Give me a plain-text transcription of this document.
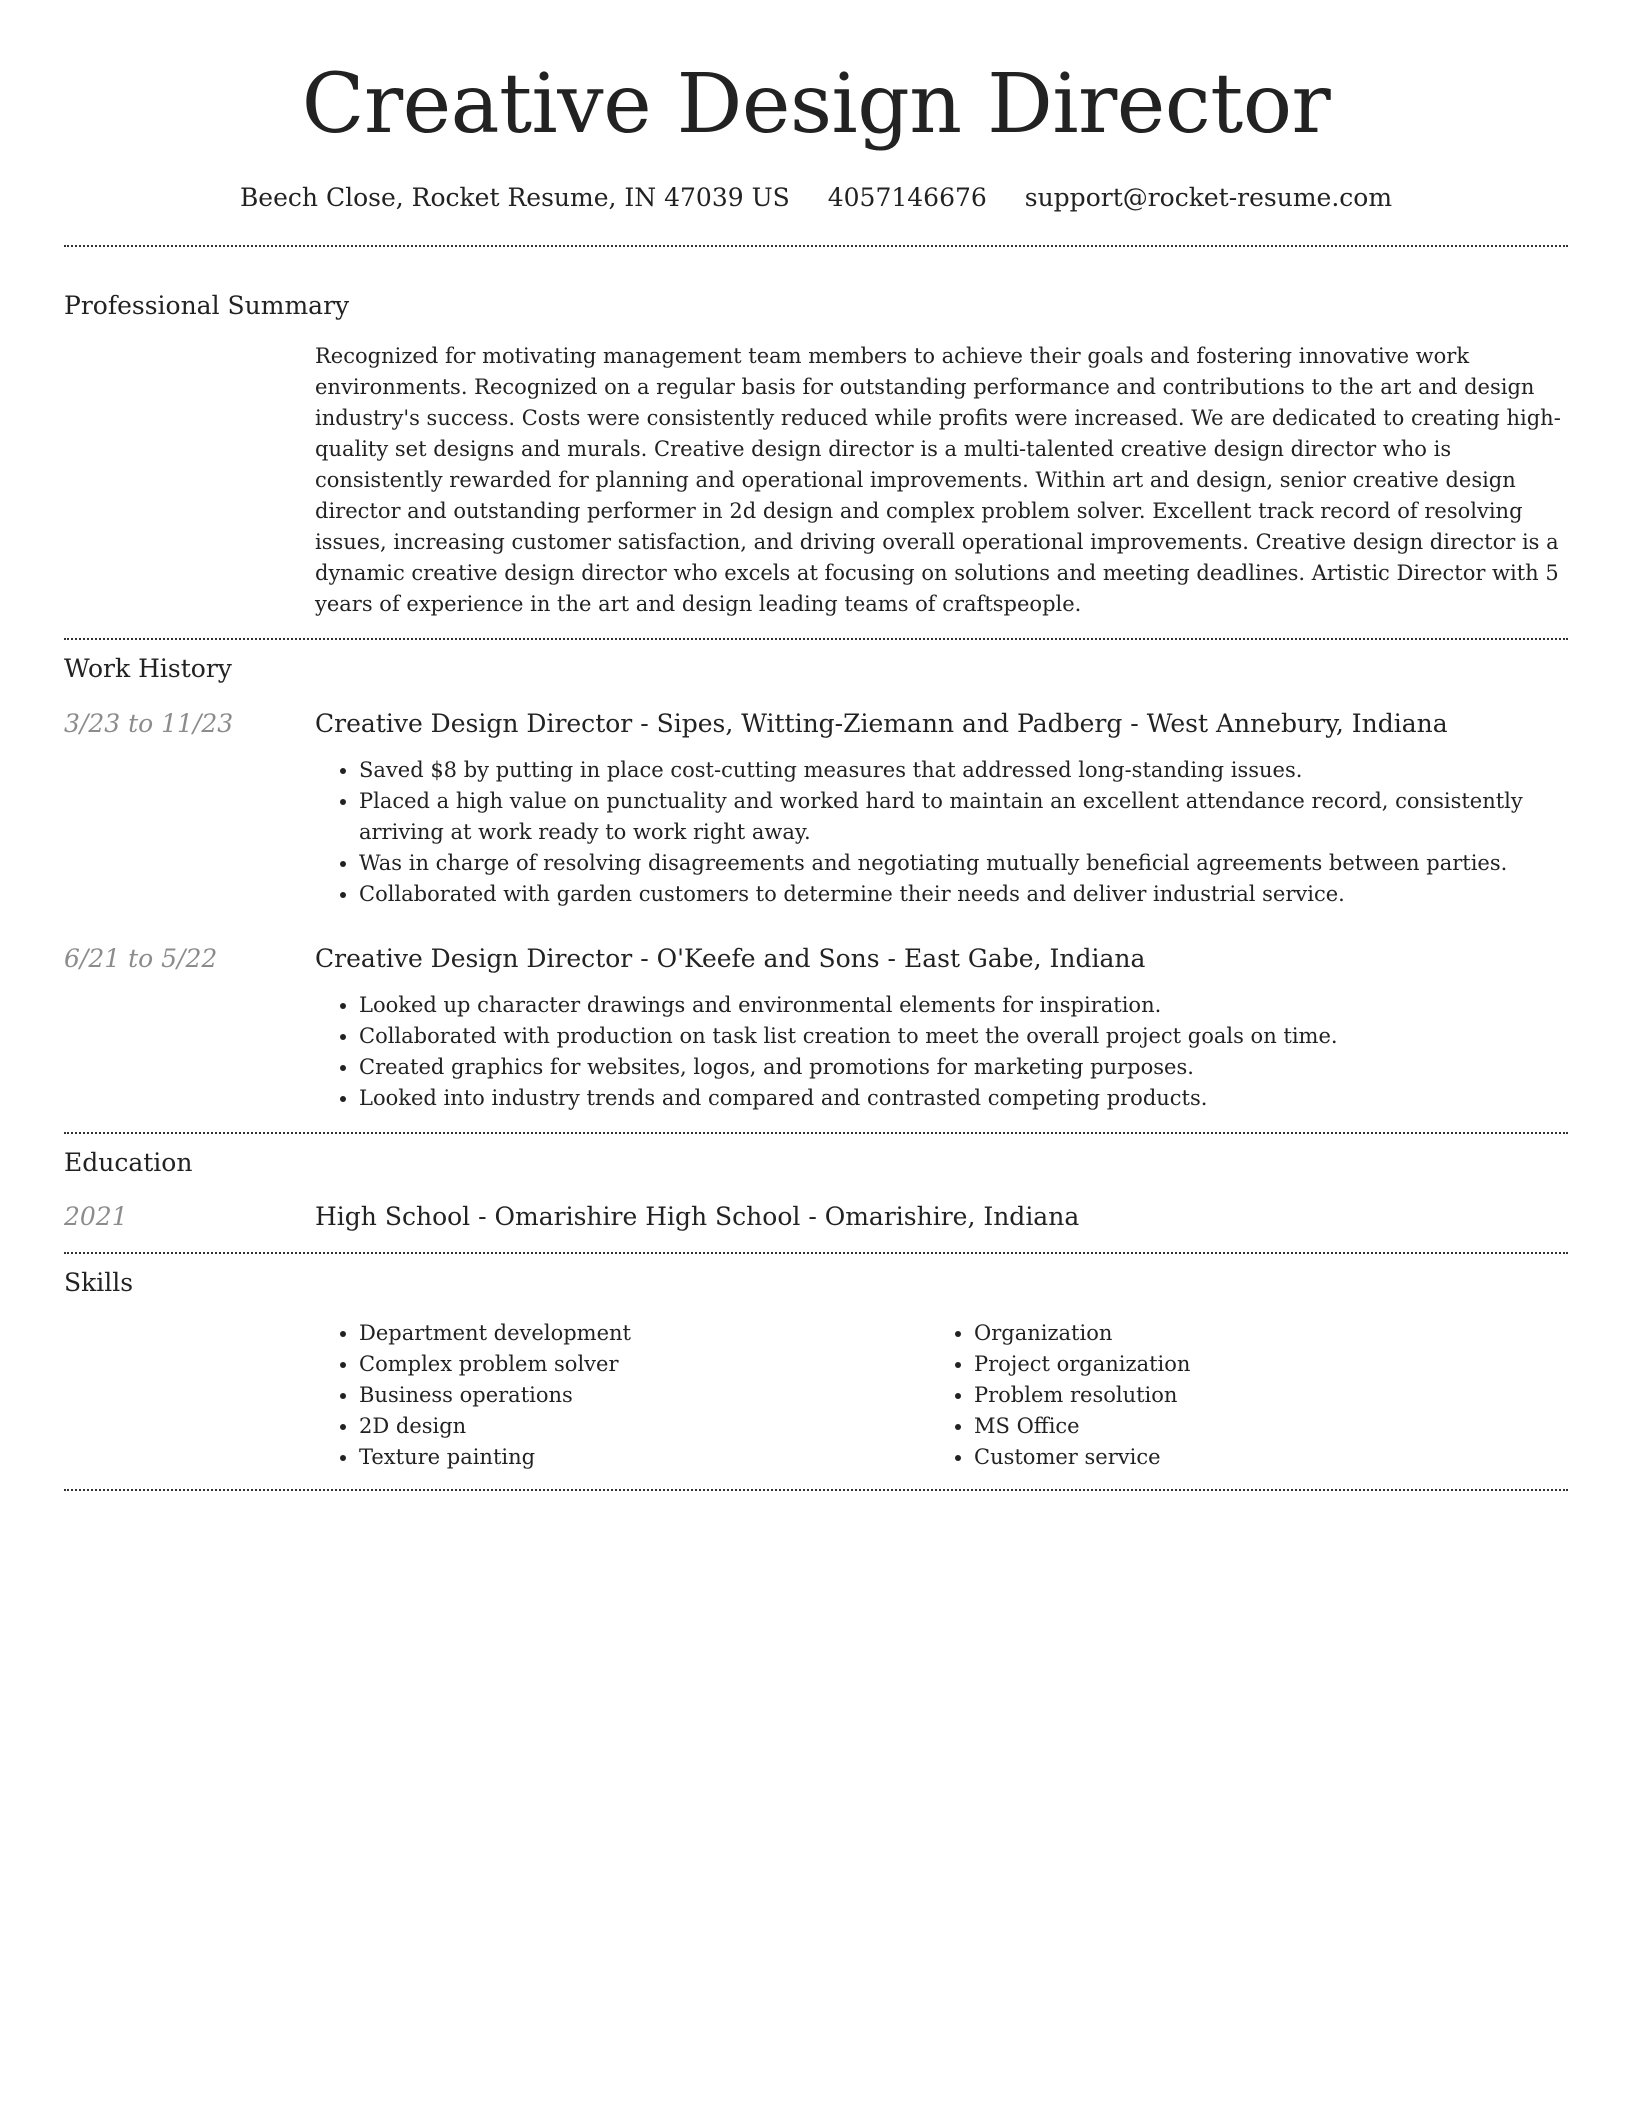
Creative Design Director
Beech Close, Rocket Resume, IN 47039 US 4057146676 support@rocket-resume.com
Professional Summary

Recognized for motivating management team members to achieve their goals and fostering innovative work environments. Recognized on a regular basis for outstanding performance and contributions to the art and design industry's success. Costs were consistently reduced while profits were increased. We are dedicated to creating high-quality set designs and murals. Creative design director is a multi-talented creative design director who is consistently rewarded for planning and operational improvements. Within art and design, senior creative design director and outstanding performer in 2d design and complex problem solver. Excellent track record of resolving issues, increasing customer satisfaction, and driving overall operational improvements. Creative design director is a dynamic creative design director who excels at focusing on solutions and meeting deadlines. Artistic Director with 5 years of experience in the art and design leading teams of craftspeople.

Work History
3/23 to 11/23	Creative Design Director - Sipes, Witting-Ziemann and Padberg - West Annebury, Indiana
• Saved $8 by putting in place cost-cutting measures that addressed long-standing issues.
• Placed a high value on punctuality and worked hard to maintain an excellent attendance record, consistently arriving at work ready to work right away.
• Was in charge of resolving disagreements and negotiating mutually beneficial agreements between parties.
• Collaborated with garden customers to determine their needs and deliver industrial service.
6/21 to 5/22	Creative Design Director - O'Keefe and Sons - East Gabe, Indiana
• Looked up character drawings and environmental elements for inspiration.
• Collaborated with production on task list creation to meet the overall project goals on time.
• Created graphics for websites, logos, and promotions for marketing purposes.
• Looked into industry trends and compared and contrasted competing products.
Education
2021	High School - Omarishire High School - Omarishire, Indiana
Skills
• Department development
• Complex problem solver
• Business operations
• 2D design
• Texture painting
• Organization
• Project organization
• Problem resolution
• MS Office
• Customer service
